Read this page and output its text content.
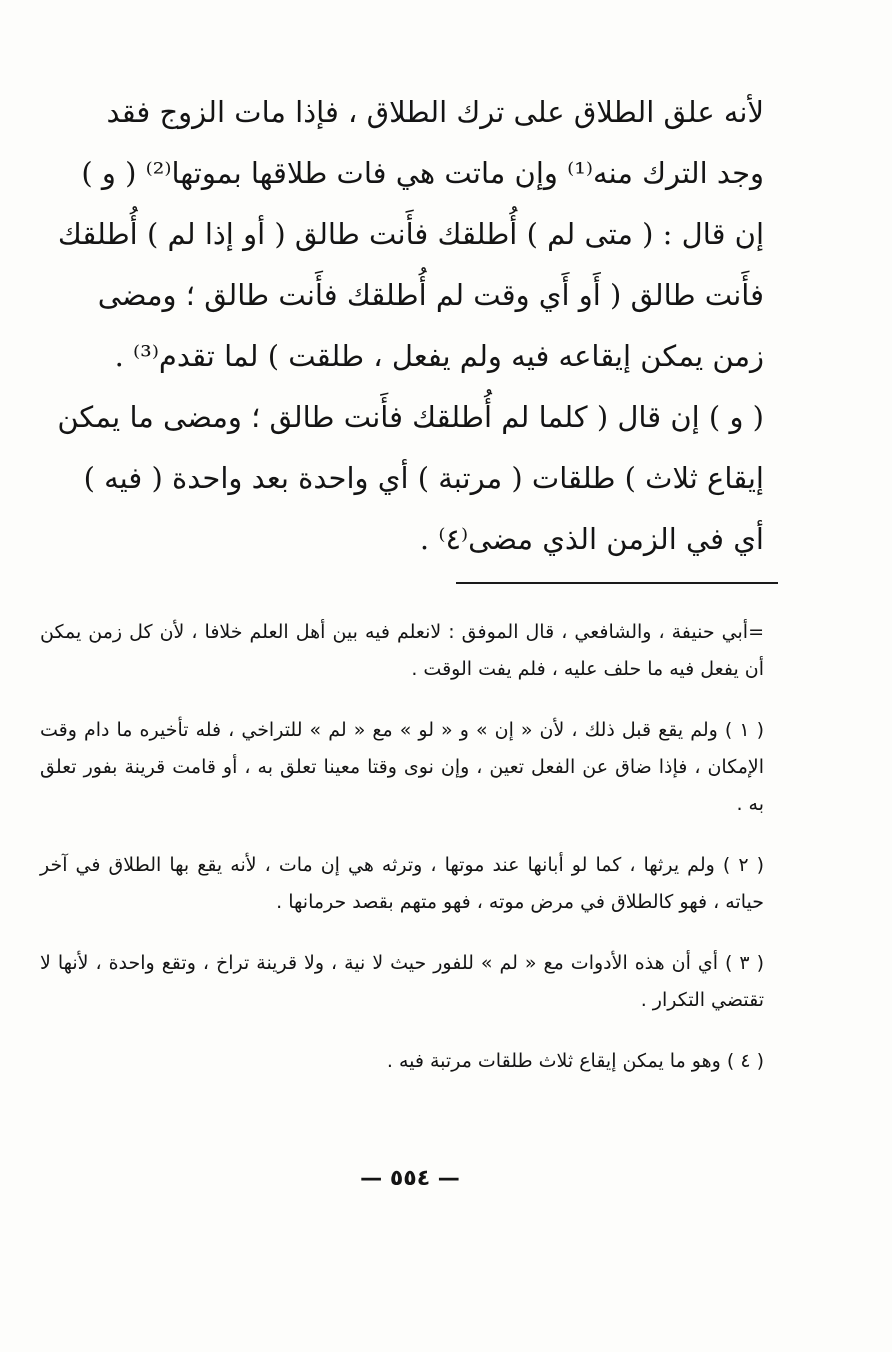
لأنه علق الطلاق على ترك الطلاق ، فإذا مات الزوج فقد

وجد الترك منه⁽¹⁾ وإن ماتت هي فات طلاقها بموتها⁽²⁾ ( و )

إن قال : ( متى لم ) أُطلقك فأَنت طالق ( أو إذا لم ) أُطلقك

فأَنت طالق ( أَو أَي وقت لم أُطلقك فأَنت طالق ؛ ومضى

زمن يمكن إيقاعه فيه ولم يفعل ، طلقت ) لما تقدم⁽³⁾ .

( و ) إن قال ( كلما لم أُطلقك فأَنت طالق ؛ ومضى ما يمكن

إيقاع ثلاث ) طلقات ( مرتبة ) أي واحدة بعد واحدة ( فيه )

أي في الزمن الذي مضى⁽٤⁾ .

=أبي حنيفة ، والشافعي ، قال الموفق : لانعلم فيه بين أهل العلم خلافا ، لأن كل زمن يمكن أن يفعل فيه ما حلف عليه ، فلم يفت الوقت .

( ١ ) ولم يقع قبل ذلك ، لأن « إن » و « لو » مع « لم » للتراخي ، فله تأخيره ما دام وقت الإمكان ، فإذا ضاق عن الفعل تعين ، وإن نوى وقتا معينا تعلق به ، أو قامت قرينة بفور تعلق به .

( ٢ ) ولم يرثها ، كما لو أبانها عند موتها ، وترثه هي إن مات ، لأنه يقع بها الطلاق في آخر حياته ، فهو كالطلاق في مرض موته ، فهو متهم بقصد حرمانها .

( ٣ ) أي أن هذه الأدوات مع « لم » للفور حيث لا نية ، ولا قرينة تراخ ، وتقع واحدة ، لأنها لا تقتضي التكرار .

( ٤ ) وهو ما يمكن إيقاع ثلاث طلقات مرتبة فيه .

— ٥٥٤ —
